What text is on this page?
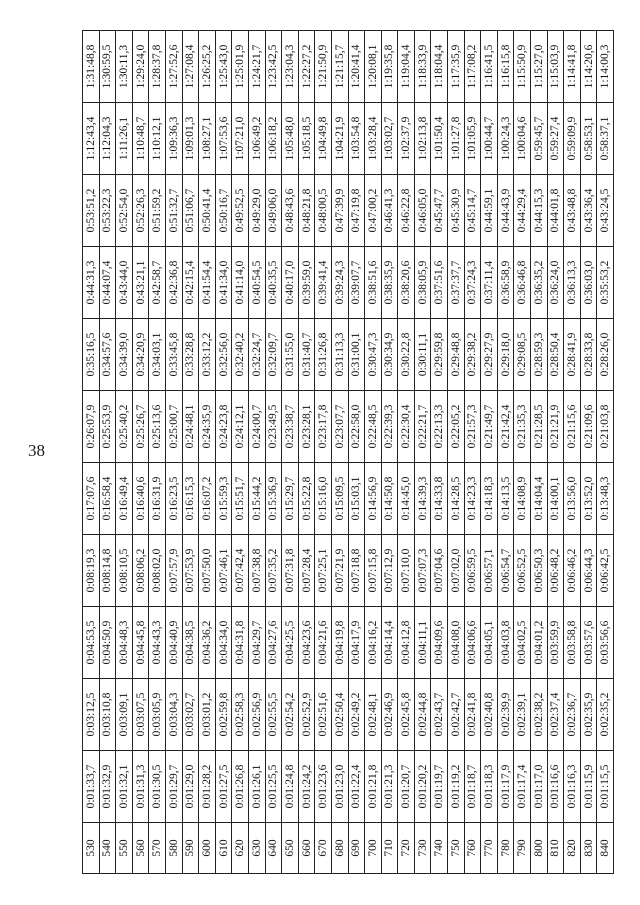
38
530	0:01:33,7	0:03:12,5	0:04:53,5	0:08:19,3	0:17:07,6	0:26:07,9	0:35:16,5	0:44:31,3	0:53:51,2	1:12:43,4	1:31:48,8
540	0:01:32,9	0:03:10,8	0:04:50,9	0:08:14,8	0:16:58,4	0:25:53,9	0:34:57,6	0:44:07,4	0:53:22,3	1:12:04,3	1:30:59,5
550	0:01:32,1	0:03:09,1	0:04:48,3	0:08:10,5	0:16:49,4	0:25:40,2	0:34:39,0	0:43:44,0	0:52:54,0	1:11:26,1	1:30:11,3
560	0:01:31,3	0:03:07,5	0:04:45,8	0:08:06,2	0:16:40,6	0:25:26,7	0:34:20,9	0:43:21,1	0:52:26,3	1:10:48,7	1:29:24,0
570	0:01:30,5	0:03:05,9	0:04:43,3	0:08:02,0	0:16:31,9	0:25:13,6	0:34:03,1	0:42:58,7	0:51:59,2	1:10:12,1	1:28:37,8
580	0:01:29,7	0:03:04,3	0:04:40,9	0:07:57,9	0:16:23,5	0:25:00,7	0:33:45,8	0:42:36,8	0:51:32,7	1:09:36,3	1:27:52,6
590	0:01:29,0	0:03:02,7	0:04:38,5	0:07:53,9	0:16:15,3	0:24:48,1	0:33:28,8	0:42:15,4	0:51:06,7	1:09:01,3	1:27:08,4
600	0:01:28,2	0:03:01,2	0:04:36,2	0:07:50,0	0:16:07,2	0:24:35,9	0:33:12,2	0:41:54,4	0:50:41,4	1:08:27,1	1:26:25,2
610	0:01:27,5	0:02:59,8	0:04:34,0	0:07:46,1	0:15:59,3	0:24:23,8	0:32:56,0	0:41:34,0	0:50:16,7	1:07:53,6	1:25:43,0
620	0:01:26,8	0:02:58,3	0:04:31,8	0:07:42,4	0:15:51,7	0:24:12,1	0:32:40,2	0:41:14,0	0:49:52,5	1:07:21,0	1:25:01,9
630	0:01:26,1	0:02:56,9	0:04:29,7	0:07:38,8	0:15:44,2	0:24:00,7	0:32:24,7	0:40:54,5	0:49:29,0	1:06:49,2	1:24:21,7
640	0:01:25,5	0:02:55,5	0:04:27,6	0:07:35,2	0:15:36,9	0:23:49,5	0:32:09,7	0:40:35,5	0:49:06,0	1:06:18,2	1:23:42,5
650	0:01:24,8	0:02:54,2	0:04:25,5	0:07:31,8	0:15:29,7	0:23:38,7	0:31:55,0	0:40:17,0	0:48:43,6	1:05:48,0	1:23:04,3
660	0:01:24,2	0:02:52,9	0:04:23,6	0:07:28,4	0:15:22,8	0:23:28,1	0:31:40,7	0:39:59,0	0:48:21,8	1:05:18,5	1:22:27,2
670	0:01:23,6	0:02:51,6	0:04:21,6	0:07:25,1	0:15:16,0	0:23:17,8	0:31:26,8	0:39:41,4	0:48:00,5	1:04:49,8	1:21:50,9
680	0:01:23,0	0:02:50,4	0:04:19,8	0:07:21,9	0:15:09,5	0:23:07,7	0:31:13,3	0:39:24,3	0:47:39,9	1:04:21,9	1:21:15,7
690	0:01:22,4	0:02:49,2	0:04:17,9	0:07:18,8	0:15:03,1	0:22:58,0	0:31:00,1	0:39:07,7	0:47:19,8	1:03:54,8	1:20:41,4
700	0:01:21,8	0:02:48,1	0:04:16,2	0:07:15,8	0:14:56,9	0:22:48,5	0:30:47,3	0:38:51,6	0:47:00,2	1:03:28,4	1:20:08,1
710	0:01:21,3	0:02:46,9	0:04:14,4	0:07:12,9	0:14:50,8	0:22:39,3	0:30:34,9	0:38:35,9	0:46:41,3	1:03:02,7	1:19:35,8
720	0:01:20,7	0:02:45,8	0:04:12,8	0:07:10,0	0:14:45,0	0:22:30,4	0:30:22,8	0:38:20,6	0:46:22,8	1:02:37,9	1:19:04,4
730	0:01:20,2	0:02:44,8	0:04:11,1	0:07:07,3	0:14:39,3	0:22:21,7	0:30:11,1	0:38:05,9	0:46:05,0	1:02:13,8	1:18:33,9
740	0:01:19,7	0:02:43,7	0:04:09,6	0:07:04,6	0:14:33,8	0:22:13,3	0:29:59,8	0:37:51,6	0:45:47,7	1:01:50,4	1:18:04,4
750	0:01:19,2	0:02:42,7	0:04:08,0	0:07:02,0	0:14:28,5	0:22:05,2	0:29:48,8	0:37:37,7	0:45:30,9	1:01:27,8	1:17:35,9
760	0:01:18,7	0:02:41,8	0:04:06,6	0:06:59,5	0:14:23,3	0:21:57,3	0:29:38,2	0:37:24,3	0:45:14,7	1:01:05,9	1:17:08,2
770	0:01:18,3	0:02:40,8	0:04:05,1	0:06:57,1	0:14:18,3	0:21:49,7	0:29:27,9	0:37:11,4	0:44:59,1	1:00:44,7	1:16:41,5
780	0:01:17,9	0:02:39,9	0:04:03,8	0:06:54,7	0:14:13,5	0:21:42,4	0:29:18,0	0:36:58,9	0:44:43,9	1:00:24,3	1:16:15,8
790	0:01:17,4	0:02:39,1	0:04:02,5	0:06:52,5	0:14:08,9	0:21:35,3	0:29:08,5	0:36:46,8	0:44:29,4	1:00:04,6	1:15:50,9
800	0:01:17,0	0:02:38,2	0:04:01,2	0:06:50,3	0:14:04,4	0:21:28,5	0:28:59,3	0:36:35,2	0:44:15,3	0:59:45,7	1:15:27,0
810	0:01:16,6	0:02:37,4	0:03:59,9	0:06:48,2	0:14:00,1	0:21:21,9	0:28:50,4	0:36:24,0	0:44:01,8	0:59:27,4	1:15:03,9
820	0:01:16,3	0:02:36,7	0:03:58,8	0:06:46,2	0:13:56,0	0:21:15,6	0:28:41,9	0:36:13,3	0:43:48,8	0:59:09,9	1:14:41,8
830	0:01:15,9	0:02:35,9	0:03:57,6	0:06:44,3	0:13:52,0	0:21:09,6	0:28:33,8	0:36:03,0	0:43:36,4	0:58:53,1	1:14:20,6
840	0:01:15,5	0:02:35,2	0:03:56,6	0:06:42,5	0:13:48,3	0:21:03,8	0:28:26,0	0:35:53,2	0:43:24,5	0:58:37,1	1:14:00,3
